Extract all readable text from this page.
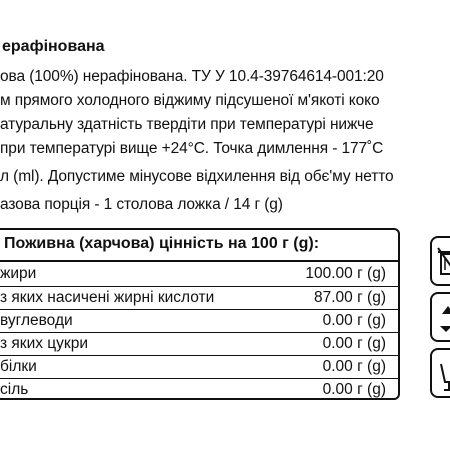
ерафінована
ова (100%) нерафінована. ТУ У 10.4-39764614-001:20
м прямого холодного віджиму підсушеної м'якоті коко
атуральну здатність твердіти при температурі нижче
при температурі вище +24°С. Точка димлення - 177˚С
л (ml). Допустиме мінусове відхилення від обє'му нетто
азова порція - 1 столова ложка / 14 г (g)
Поживна (харчова) цінність на 100 г (g):
жири	100.00 г (g)
з яких насичені жирні кислоти	87.00 г (g)
вуглеводи	0.00 г (g)
з яких цукри	0.00 г (g)
білки	0.00 г (g)
сіль	0.00 г (g)
